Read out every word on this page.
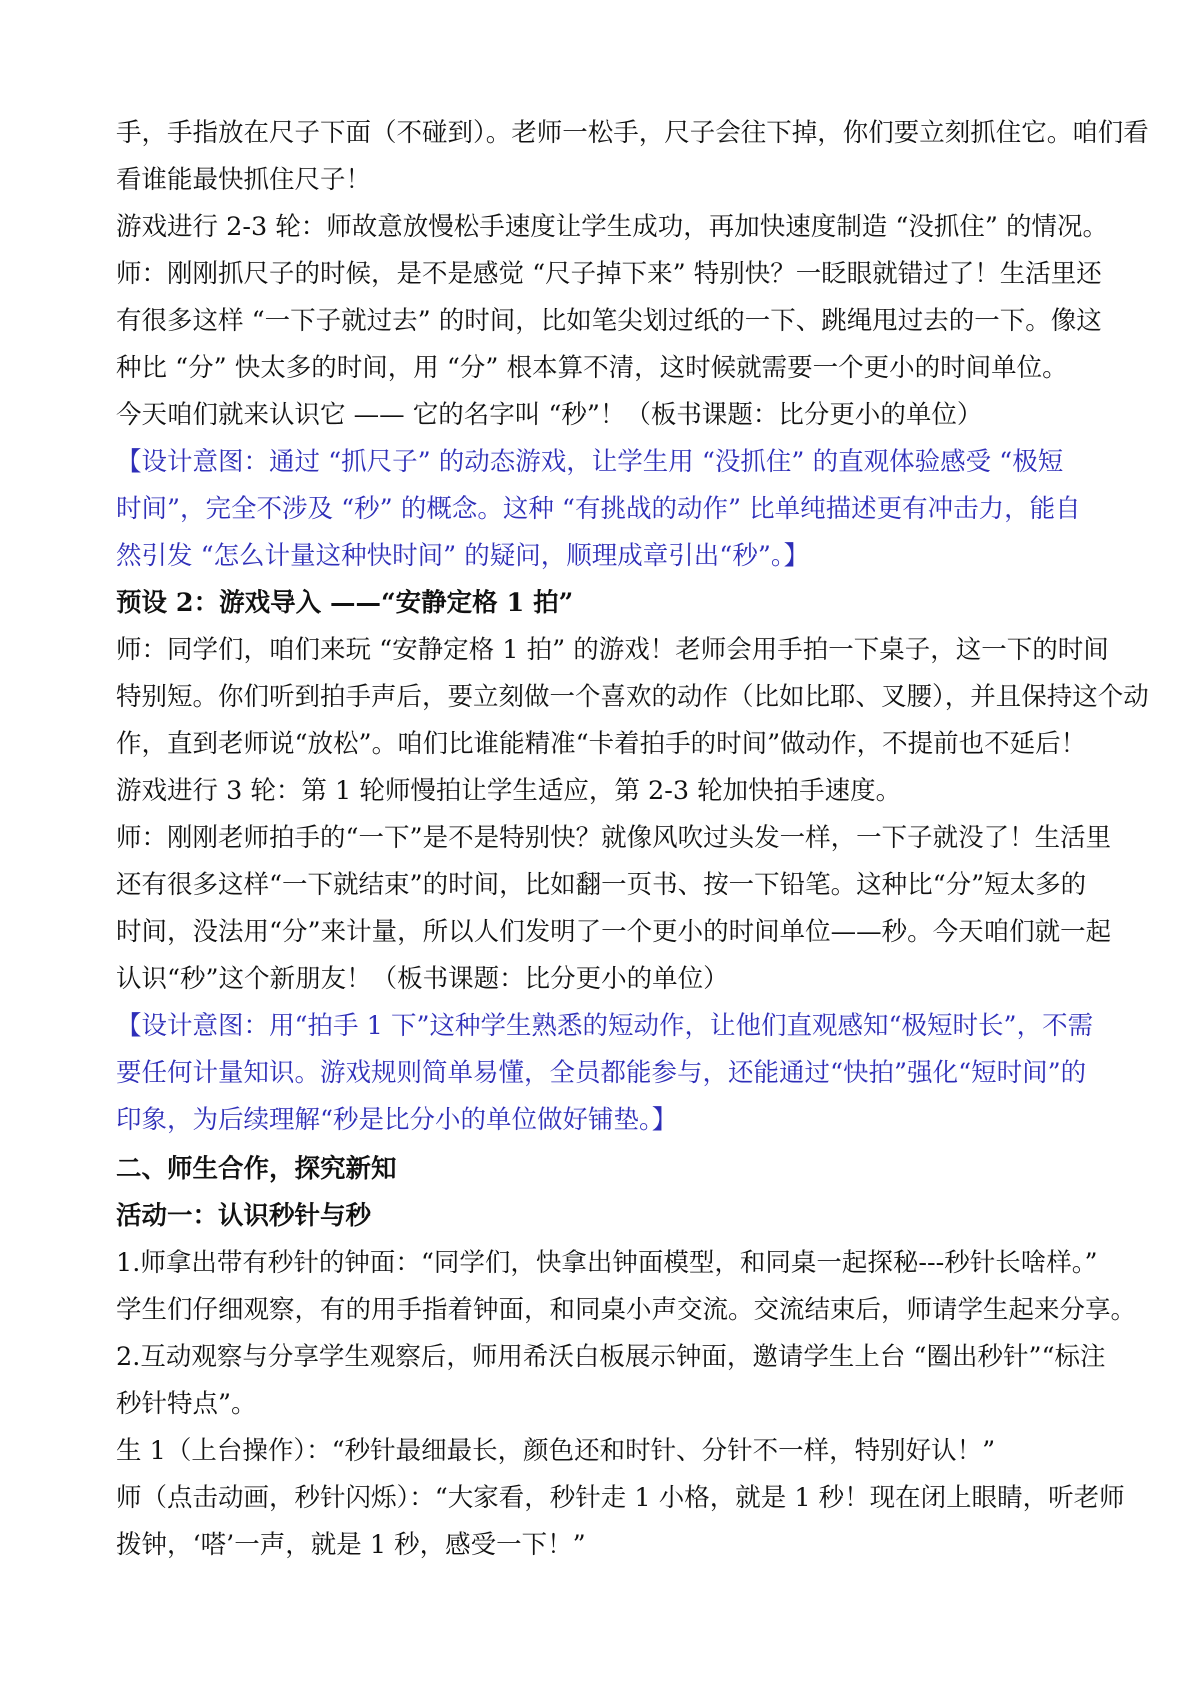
手，手指放在尺子下面（不碰到）。老师一松手，尺子会往下掉，你们要立刻抓住它。咱们看
看谁能最快抓住尺子！
游戏进行 2-3 轮：师故意放慢松手速度让学生成功，再加快速度制造 “没抓住” 的情况。
师：刚刚抓尺子的时候，是不是感觉 “尺子掉下来” 特别快？一眨眼就错过了！生活里还
有很多这样 “一下子就过去” 的时间，比如笔尖划过纸的一下、跳绳甩过去的一下。像这
种比 “分” 快太多的时间，用 “分” 根本算不清，这时候就需要一个更小的时间单位。
今天咱们就来认识它 —— 它的名字叫 “秒”！（板书课题：比分更小的单位）
【设计意图：通过 “抓尺子” 的动态游戏，让学生用 “没抓住” 的直观体验感受 “极短
时间”，完全不涉及 “秒” 的概念。这种 “有挑战的动作” 比单纯描述更有冲击力，能自
然引发 “怎么计量这种快时间” 的疑问，顺理成章引出“秒”。】
预设 2：游戏导入 ——“安静定格 1 拍”
师：同学们，咱们来玩 “安静定格 1 拍” 的游戏！老师会用手拍一下桌子，这一下的时间
特别短。你们听到拍手声后，要立刻做一个喜欢的动作（比如比耶、叉腰），并且保持这个动
作，直到老师说“放松”。咱们比谁能精准“卡着拍手的时间”做动作，不提前也不延后！
游戏进行 3 轮：第 1 轮师慢拍让学生适应，第 2-3 轮加快拍手速度。
师：刚刚老师拍手的“一下”是不是特别快？就像风吹过头发一样，一下子就没了！生活里
还有很多这样“一下就结束”的时间，比如翻一页书、按一下铅笔。这种比“分”短太多的
时间，没法用“分”来计量，所以人们发明了一个更小的时间单位——秒。今天咱们就一起
认识“秒”这个新朋友！（板书课题：比分更小的单位）
【设计意图：用“拍手 1 下”这种学生熟悉的短动作，让他们直观感知“极短时长”，不需
要任何计量知识。游戏规则简单易懂，全员都能参与，还能通过“快拍”强化“短时间”的
印象，为后续理解“秒是比分小的单位做好铺垫。】
二、师生合作，探究新知
活动一：认识秒针与秒
1.师拿出带有秒针的钟面：“同学们，快拿出钟面模型，和同桌一起探秘---秒针长啥样。”
学生们仔细观察，有的用手指着钟面，和同桌小声交流。交流结束后，师请学生起来分享。
2.互动观察与分享学生观察后，师用希沃白板展示钟面，邀请学生上台 “圈出秒针”“标注
秒针特点”。
生 1（上台操作）：“秒针最细最长，颜色还和时针、分针不一样，特别好认！”
师（点击动画，秒针闪烁）：“大家看，秒针走 1 小格，就是 1 秒！现在闭上眼睛，听老师
拨钟，‘嗒’一声，就是 1 秒，感受一下！”
